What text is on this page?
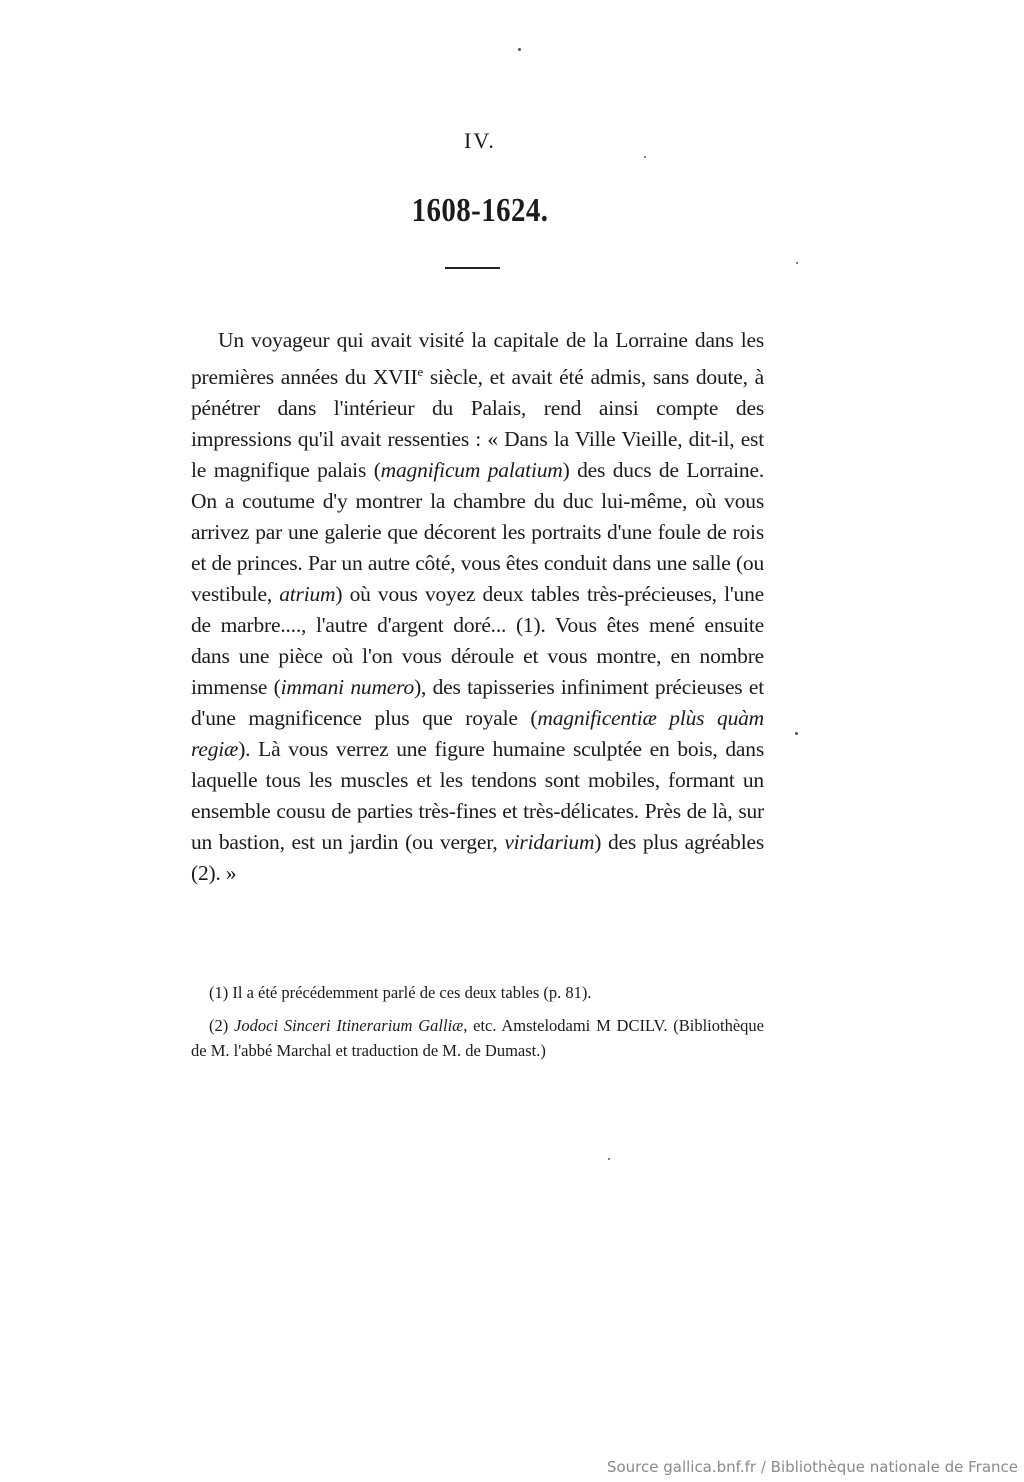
IV.
1608-1624.

Un voyageur qui avait visité la capitale de la Lorraine dans les premières années du XVIIe siècle, et avait été admis, sans doute, à pénétrer dans l'intérieur du Palais, rend ainsi compte des impressions qu'il avait ressenties : « Dans la Ville Vieille, dit-il, est le magnifique palais (magnificum palatium) des ducs de Lorraine. On a coutume d'y montrer la chambre du duc lui-même, où vous arrivez par une galerie que décorent les portraits d'une foule de rois et de princes. Par un autre côté, vous êtes conduit dans une salle (ou vestibule, atrium) où vous voyez deux tables très-précieuses, l'une de marbre...., l'autre d'argent doré... (1). Vous êtes mené ensuite dans une pièce où l'on vous déroule et vous montre, en nombre immense (immani numero), des tapisseries infiniment précieuses et d'une magnificence plus que royale (magnificentiæ plùs quàm regiæ). Là vous verrez une figure humaine sculptée en bois, dans laquelle tous les muscles et les tendons sont mobiles, formant un ensemble cousu de parties très-fines et très-délicates. Près de là, sur un bastion, est un jardin (ou verger, viridarium) des plus agréables (2). »

(1) Il a été précédemment parlé de ces deux tables (p. 81).

(2) Jodoci Sinceri Itinerarium Galliæ, etc. Amstelodami M DCILV. (Bibliothèque de M. l'abbé Marchal et traduction de M. de Dumast.)

Source gallica.bnf.fr / Bibliothèque nationale de France
